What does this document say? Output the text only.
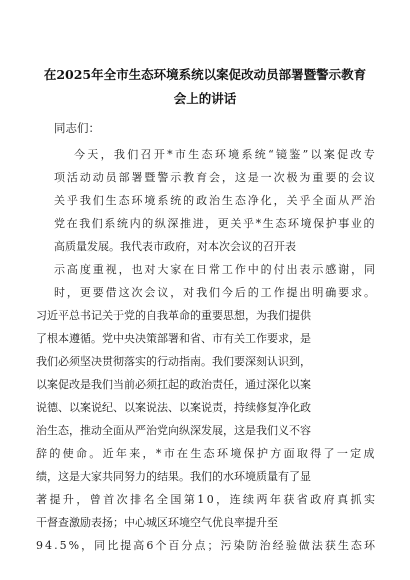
在2025年全市生态环境系统以案促改动员部署暨警示教育
会上的讲话
同志们：
今天，我们召开*市生态环境系统“镜鉴”以案促改专
项活动动员部署暨警示教育会，这是一次极为重要的会议
关乎我们生态环境系统的政治生态净化，关乎全面从严治
党在我们系统内的纵深推进，更关乎*生态环境保护事业的
高质量发展。我代表市政府，对本次会议的召开表
示高度重视，也对大家在日常工作中的付出表示感谢，同
时，更要借这次会议，对我们今后的工作提出明确要求。
习近平总书记关于党的自我革命的重要思想，为我们提供
了根本遵循。党中央决策部署和省、市有关工作要求，是
我们必须坚决贯彻落实的行动指南。我们要深刻认识到，
以案促改是我们当前必须扛起的政治责任，通过深化以案
说德、以案说纪、以案说法、以案说责，持续修复净化政
治生态，推动全面从严治党向纵深发展，这是我们义不容
辞的使命。近年来，*市在生态环境保护方面取得了一定成
绩，这是大家共同努力的结果。我们的水环境质量有了显
著提升，曾首次排名全国第10，连续两年获省政府真抓实
干督查激励表扬；中心城区环境空气优良率提升至
94.5%，同比提高6个百分点；污染防治经验做法获生态环
